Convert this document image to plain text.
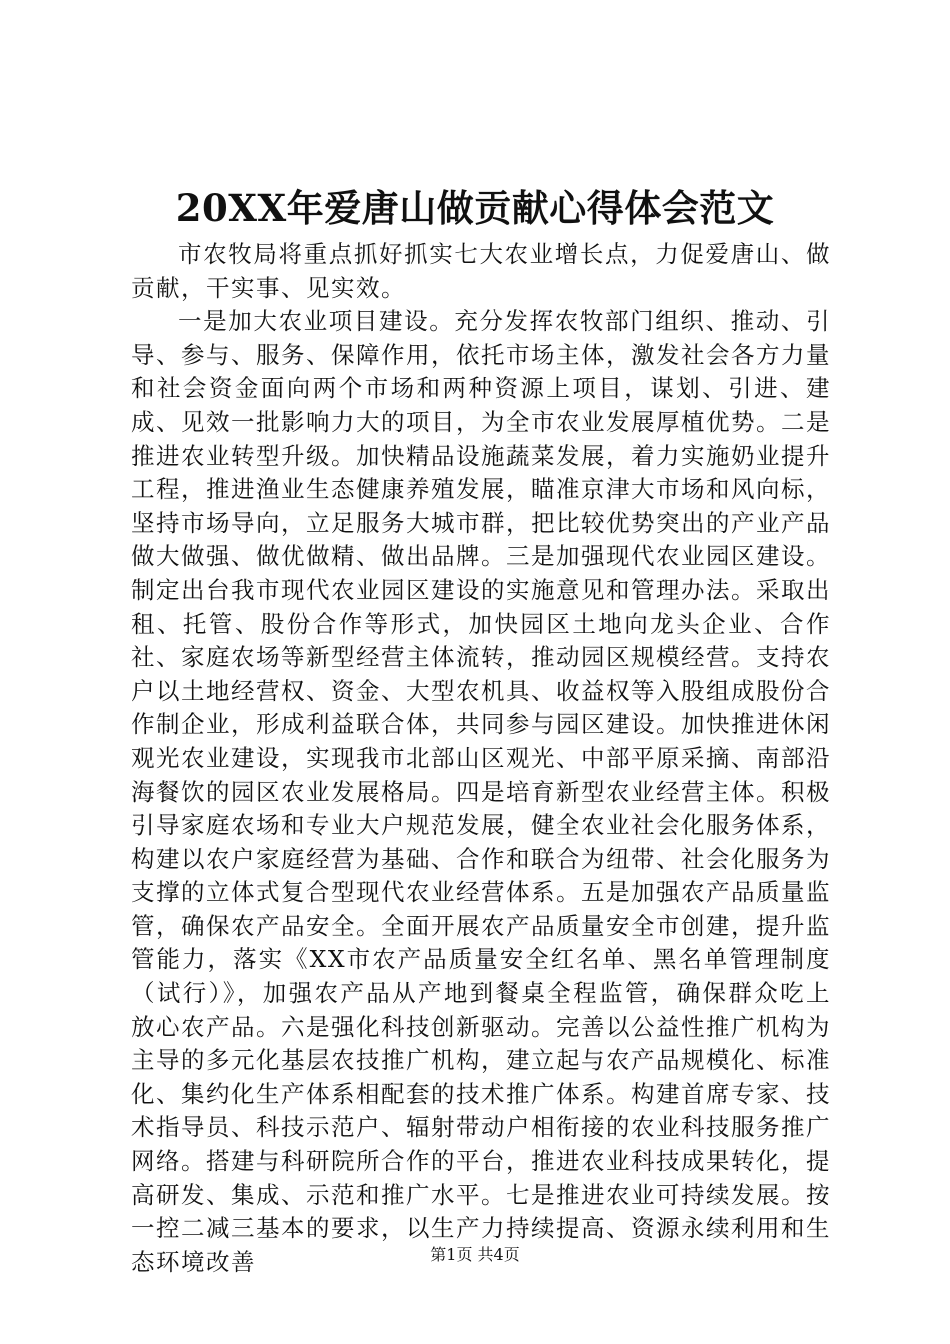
20XX年爱唐山做贡献心得体会范文

市农牧局将重点抓好抓实七大农业增长点，力促爱唐山、做贡献，干实事、见实效。

一是加大农业项目建设。充分发挥农牧部门组织、推动、引导、参与、服务、保障作用，依托市场主体，激发社会各方力量和社会资金面向两个市场和两种资源上项目，谋划、引进、建成、见效一批影响力大的项目，为全市农业发展厚植优势。二是推进农业转型升级。加快精品设施蔬菜发展，着力实施奶业提升工程，推进渔业生态健康养殖发展，瞄准京津大市场和风向标，坚持市场导向，立足服务大城市群，把比较优势突出的产业产品做大做强、做优做精、做出品牌。三是加强现代农业园区建设。制定出台我市现代农业园区建设的实施意见和管理办法。采取出租、托管、股份合作等形式，加快园区土地向龙头企业、合作社、家庭农场等新型经营主体流转，推动园区规模经营。支持农户以土地经营权、资金、大型农机具、收益权等入股组成股份合作制企业，形成利益联合体，共同参与园区建设。加快推进休闲观光农业建设，实现我市北部山区观光、中部平原采摘、南部沿海餐饮的园区农业发展格局。四是培育新型农业经营主体。积极引导家庭农场和专业大户规范发展，健全农业社会化服务体系，构建以农户家庭经营为基础、合作和联合为纽带、社会化服务为支撑的立体式复合型现代农业经营体系。五是加强农产品质量监管，确保农产品安全。全面开展农产品质量安全市创建，提升监管能力，落实《XX市农产品质量安全红名单、黑名单管理制度（试行）》，加强农产品从产地到餐桌全程监管，确保群众吃上放心农产品。六是强化科技创新驱动。完善以公益性推广机构为主导的多元化基层农技推广机构，建立起与农产品规模化、标准化、集约化生产体系相配套的技术推广体系。构建首席专家、技术指导员、科技示范户、辐射带动户相衔接的农业科技服务推广网络。搭建与科研院所合作的平台，推进农业科技成果转化，提高研发、集成、示范和推广水平。七是推进农业可持续发展。按一控二减三基本的要求，以生产力持续提高、资源永续利用和生态环境改善	第1页 共4页
